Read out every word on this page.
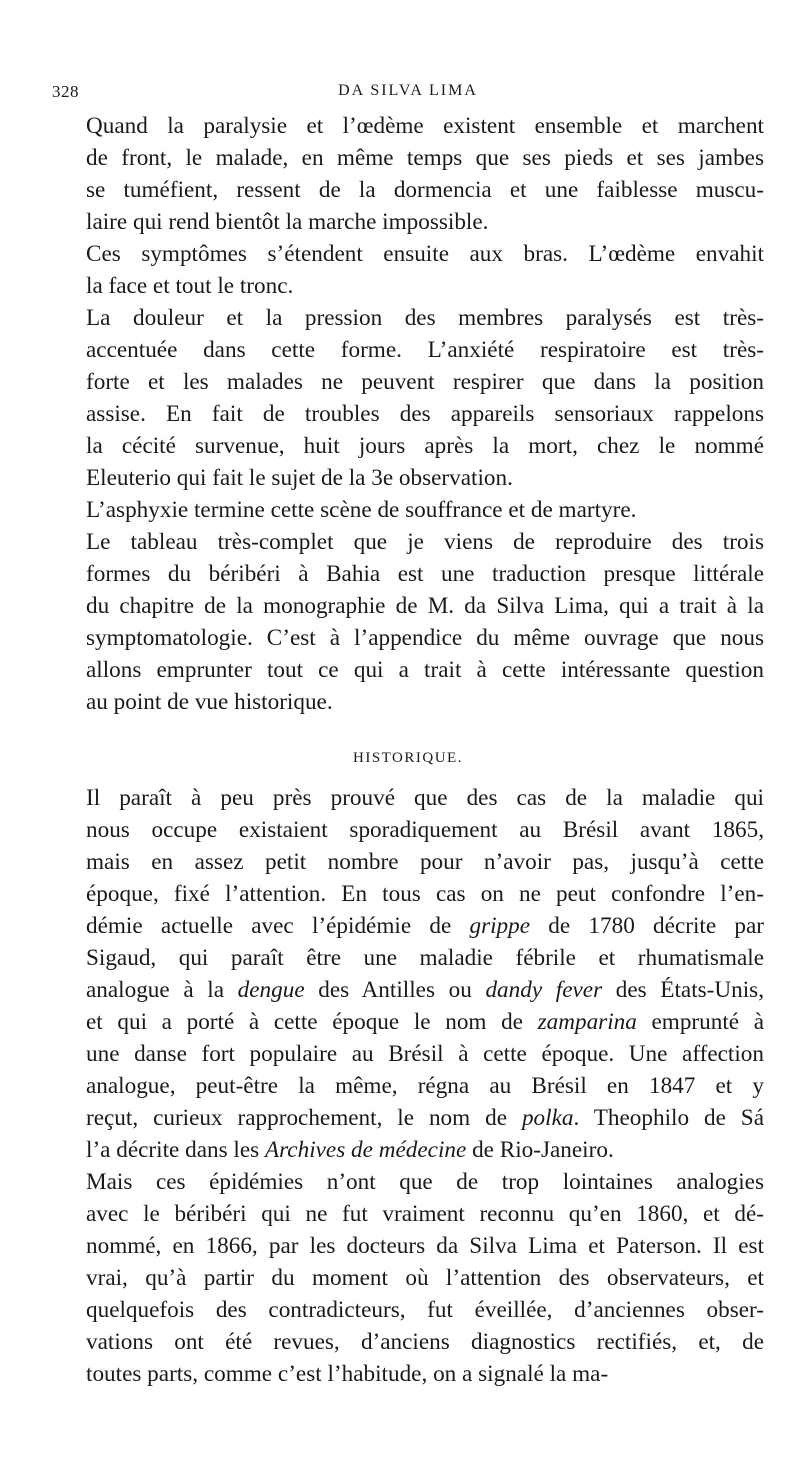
328	DA SILVA LIMA
Quand la paralysie et l’œdème existent ensemble et marchent
de front, le malade, en même temps que ses pieds et ses jambes
se tuméfient, ressent de la dormencia et une faiblesse muscu-
laire qui rend bientôt la marche impossible.
Ces symptômes s’étendent ensuite aux bras. L’œdème envahit
la face et tout le tronc.
La douleur et la pression des membres paralysés est très-
accentuée dans cette forme. L’anxiété respiratoire est très-
forte et les malades ne peuvent respirer que dans la position
assise. En fait de troubles des appareils sensoriaux rappelons
la cécité survenue, huit jours après la mort, chez le nommé
Eleuterio qui fait le sujet de la 3e observation.
L’asphyxie termine cette scène de souffrance et de martyre.
Le tableau très-complet que je viens de reproduire des trois
formes du béribéri à Bahia est une traduction presque littérale
du chapitre de la monographie de M. da Silva Lima, qui a trait à la
symptomatologie. C’est à l’appendice du même ouvrage que nous
allons emprunter tout ce qui a trait à cette intéressante question
au point de vue historique.
HISTORIQUE.
Il paraît à peu près prouvé que des cas de la maladie qui
nous occupe existaient sporadiquement au Brésil avant 1865,
mais en assez petit nombre pour n’avoir pas, jusqu’à cette
époque, fixé l’attention. En tous cas on ne peut confondre l’en-
démie actuelle avec l’épidémie de grippe de 1780 décrite par
Sigaud, qui paraît être une maladie fébrile et rhumatismale
analogue à la dengue des Antilles ou dandy fever des États-Unis,
et qui a porté à cette époque le nom de zamparina emprunté à
une danse fort populaire au Brésil à cette époque. Une affection
analogue, peut-être la même, régna au Brésil en 1847 et y
reçut, curieux rapprochement, le nom de polka. Theophilo de Sá
l’a décrite dans les Archives de médecine de Rio-Janeiro.
Mais ces épidémies n’ont que de trop lointaines analogies
avec le béribéri qui ne fut vraiment reconnu qu’en 1860, et dé-
nommé, en 1866, par les docteurs da Silva Lima et Paterson. Il est
vrai, qu’à partir du moment où l’attention des observateurs, et
quelquefois des contradicteurs, fut éveillée, d’anciennes obser-
vations ont été revues, d’anciens diagnostics rectifiés, et, de
toutes parts, comme c’est l’habitude, on a signalé la ma-
